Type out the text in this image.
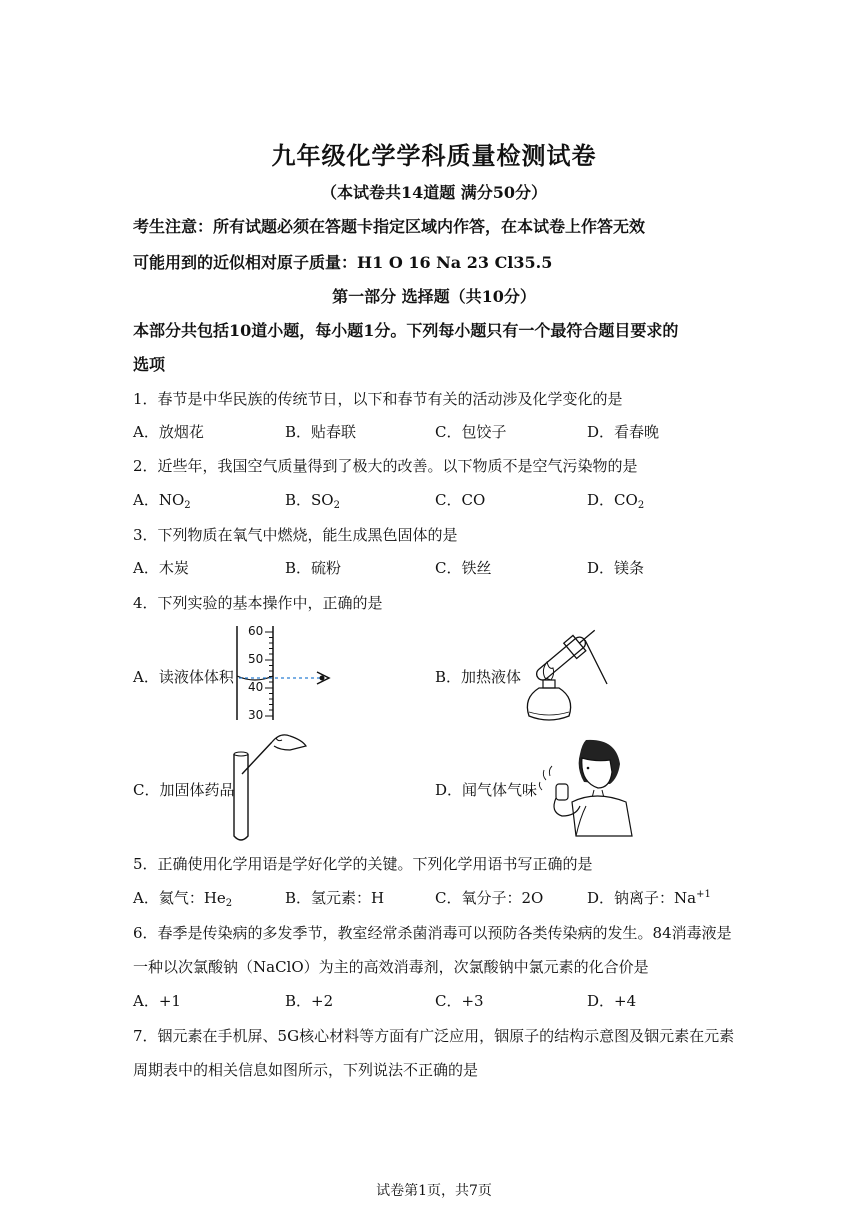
九年级化学学科质量检测试卷
（本试卷共14道题 满分50分）
考生注意：所有试题必须在答题卡指定区域内作答，在本试卷上作答无效
可能用到的近似相对原子质量：H1 O 16 Na 23 Cl35.5
第一部分 选择题（共10分）
本部分共包括10道小题，每小题1分。下列每小题只有一个最符合题目要求的
选项
1．春节是中华民族的传统节日，以下和春节有关的活动涉及化学变化的是
A．放烟花	B．贴春联	C．包饺子	D．看春晚
2．近些年，我国空气质量得到了极大的改善。以下物质不是空气污染物的是
A．$NO_2$	B．$SO_2$	C．CO	D．$CO_2$
3．下列物质在氧气中燃烧，能生成黑色固体的是
A．木炭	B．硫粉	C．铁丝	D．镁条
4．下列实验的基本操作中，正确的是
A．读液体体积
60
50
40
30
B．加热液体
C．加固体药品	D．闻气体气味
5．正确使用化学用语是学好化学的关键。下列化学用语书写正确的是
A．氦气：$He_2$	B．氢元素：H	C．氧分子：2O	D．钠离子：$Na^{+1}$
6．春季是传染病的多发季节，教室经常杀菌消毒可以预防各类传染病的发生。84消毒液是
一种以次氯酸钠（NaClO）为主的高效消毒剂，次氯酸钠中氯元素的化合价是
A．+1	B．+2	C．+3	D．+4
7．铟元素在手机屏、5G核心材料等方面有广泛应用，铟原子的结构示意图及铟元素在元素
周期表中的相关信息如图所示，下列说法不正确的是
试卷第1页，共7页
